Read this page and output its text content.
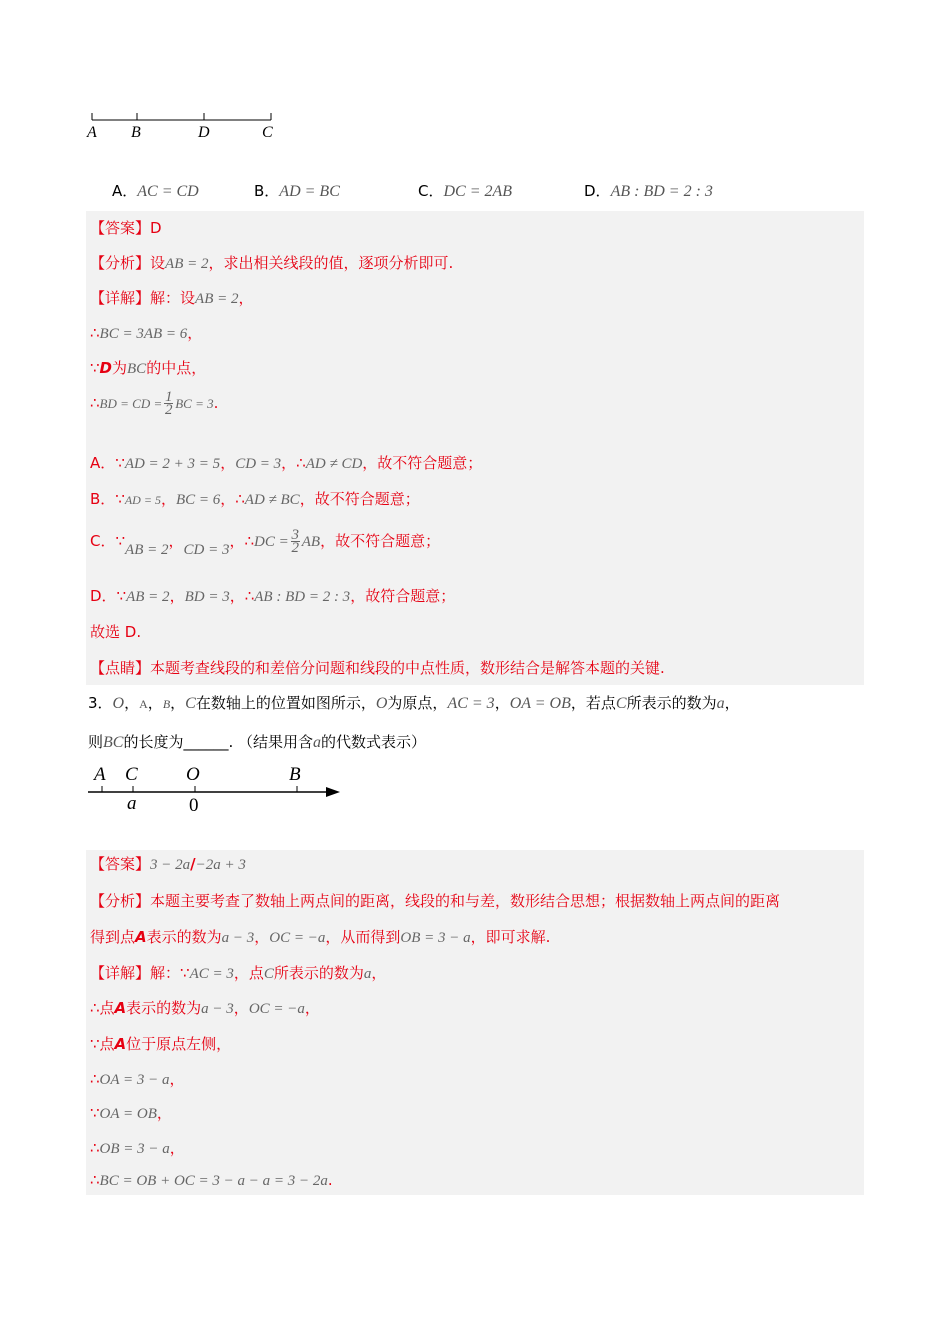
A B	D	C
A．AC = CD	B．AD = BC	C．DC = 2AB	D．AB : BD = 2 : 3
【答案】D
【分析】设AB = 2，求出相关线段的值，逐项分析即可.
【详解】解：设AB = 2，
∴BC = 3AB = 6，
∵D为BC的中点，
∴BD = CD = $\frac{1}{2}$ BC = 3.
A．∵AD = 2 + 3 = 5，CD = 3，∴AD ≠ CD，故不符合题意；
B．∵AD = 5，BC = 6，∴AD ≠ BC，故不符合题意；
C．∵AB = 2，CD = 3，∴DC = $\frac{3}{2}$ AB，故不符合题意；
D．∵AB = 2，BD = 3，∴AB : BD = 2 : 3，故符合题意；
故选 D.
【点睛】本题考查线段的和差倍分问题和线段的中点性质，数形结合是解答本题的关键.
3．O，A，B，C在数轴上的位置如图所示，O为原点，AC = 3，OA = OB，若点C所表示的数为a，
则BC的长度为______. （结果用含a的代数式表示）
A C	O	B
a	0
【答案】3 − 2a/−2a + 3
【分析】本题主要考查了数轴上两点间的距离，线段的和与差，数形结合思想；根据数轴上两点间的距离
得到点A表示的数为a − 3，OC = −a，从而得到OB = 3 − a，即可求解.
【详解】解：∵AC = 3，点C所表示的数为a，
∴点A表示的数为a − 3，OC = −a，
∵点A位于原点左侧，
∴OA = 3 − a，
∵OA = OB，
∴OB = 3 − a，
∴BC = OB + OC = 3 − a − a = 3 − 2a.
